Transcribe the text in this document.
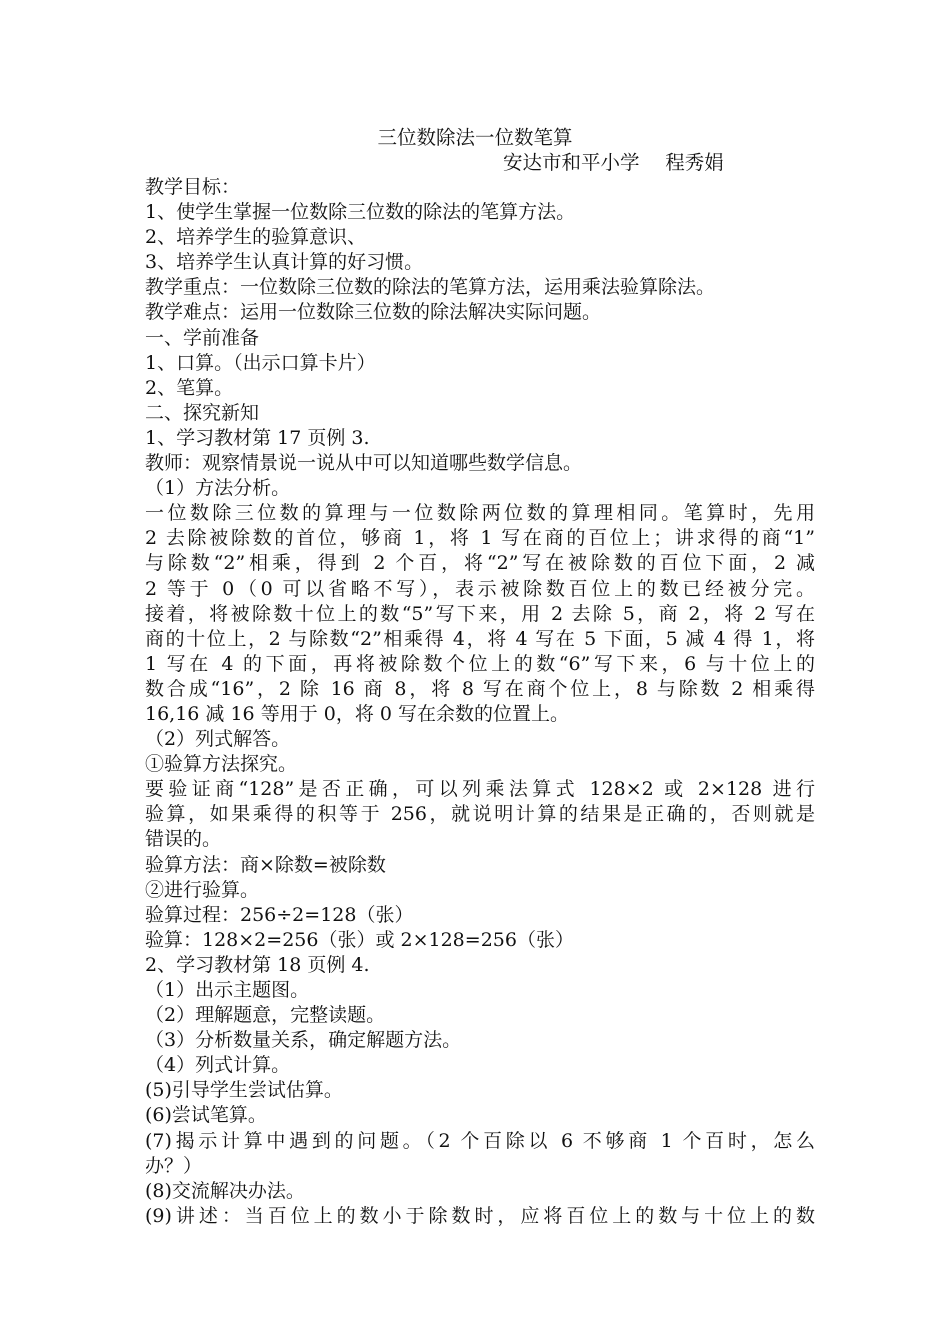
三位数除法一位数笔算
安达市和平小学　 程秀娟
教学目标：
1、使学生掌握一位数除三位数的除法的笔算方法。
2、培养学生的验算意识、
3、培养学生认真计算的好习惯。
教学重点：一位数除三位数的除法的笔算方法，运用乘法验算除法。
教学难点：运用一位数除三位数的除法解决实际问题。
一、学前准备
1、口算。（出示口算卡片）
2、笔算。
二、探究新知
1、学习教材第 17 页例 3.
教师：观察情景说一说从中可以知道哪些数学信息。
（1）方法分析。
一位数除三位数的算理与一位数除两位数的算理相同。笔算时，先用
2 去除被除数的首位，够商 1，将 1 写在商的百位上；讲求得的商“1”
与除数“2”相乘，得到 2 个百，将“2”写在被除数的百位下面，2 减
2 等于 0（0 可以省略不写），表示被除数百位上的数已经被分完。
接着，将被除数十位上的数“5”写下来，用 2 去除 5，商 2，将 2 写在
商的十位上，2 与除数“2”相乘得 4，将 4 写在 5 下面，5 减 4 得 1，将
1 写在 4 的下面，再将被除数个位上的数“6”写下来，6 与十位上的
数合成“16”，2 除 16 商 8，将 8 写在商个位上，8 与除数 2 相乘得
16,16 减 16 等用于 0，将 0 写在余数的位置上。
（2）列式解答。
①验算方法探究。
要验证商“128”是否正确，可以列乘法算式 128×2 或 2×128 进行
验算，如果乘得的积等于 256，就说明计算的结果是正确的，否则就是
错误的。
验算方法：商×除数=被除数
②进行验算。
验算过程：256÷2=128（张）
验算：128×2=256（张）或 2×128=256（张）
2、学习教材第 18 页例 4.
（1）出示主题图。
（2）理解题意，完整读题。
（3）分析数量关系，确定解题方法。
（4）列式计算。
(5)引导学生尝试估算。
(6)尝试笔算。
(7)揭示计算中遇到的问题。（2 个百除以 6 不够商 1 个百时，怎么
办？）
(8)交流解决办法。
(9)讲述：当百位上的数小于除数时，应将百位上的数与十位上的数
